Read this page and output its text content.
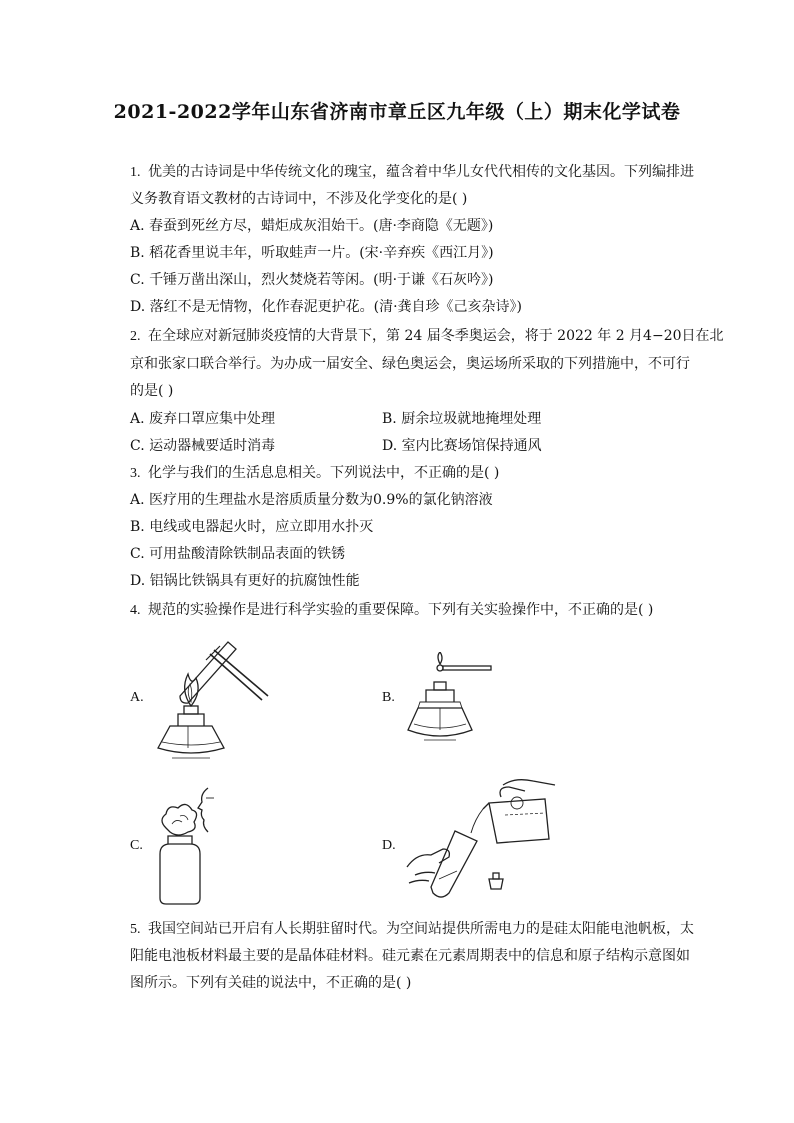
2021-2022学年山东省济南市章丘区九年级（上）期末化学试卷
1. 优美的古诗词是中华传统文化的瑰宝，蕴含着中华儿女代代相传的文化基因。下列编排进
义务教育语文教材的古诗词中，不涉及化学变化的是( )
A. 春蚕到死丝方尽，蜡炬成灰泪始干。(唐·李商隐《无题》)
B. 稻花香里说丰年，听取蛙声一片。(宋·辛弃疾《西江月》)
C. 千锤万凿出深山，烈火焚烧若等闲。(明·于谦《石灰吟》)
D. 落红不是无情物，化作春泥更护花。(清·龚自珍《己亥杂诗》)
2. 在全球应对新冠肺炎疫情的大背景下，第 24 届冬季奥运会，将于 2022 年 2 月4−20日在北
京和张家口联合举行。为办成一届安全、绿色奥运会，奥运场所采取的下列措施中，不可行
的是( )
A. 废弃口罩应集中处理	B. 厨余垃圾就地掩埋处理
C. 运动器械要适时消毒	D. 室内比赛场馆保持通风
3. 化学与我们的生活息息相关。下列说法中，不正确的是( )
A. 医疗用的生理盐水是溶质质量分数为0.9%的氯化钠溶液
B. 电线或电器起火时，应立即用水扑灭
C. 可用盐酸清除铁制品表面的铁锈
D. 铝锅比铁锅具有更好的抗腐蚀性能
4. 规范的实验操作是进行科学实验的重要保障。下列有关实验操作中，不正确的是( )
A.	B.
C.	D.
5. 我国空间站已开启有人长期驻留时代。为空间站提供所需电力的是硅太阳能电池帆板，太
阳能电池板材料最主要的是晶体硅材料。硅元素在元素周期表中的信息和原子结构示意图如
图所示。下列有关硅的说法中，不正确的是( )
